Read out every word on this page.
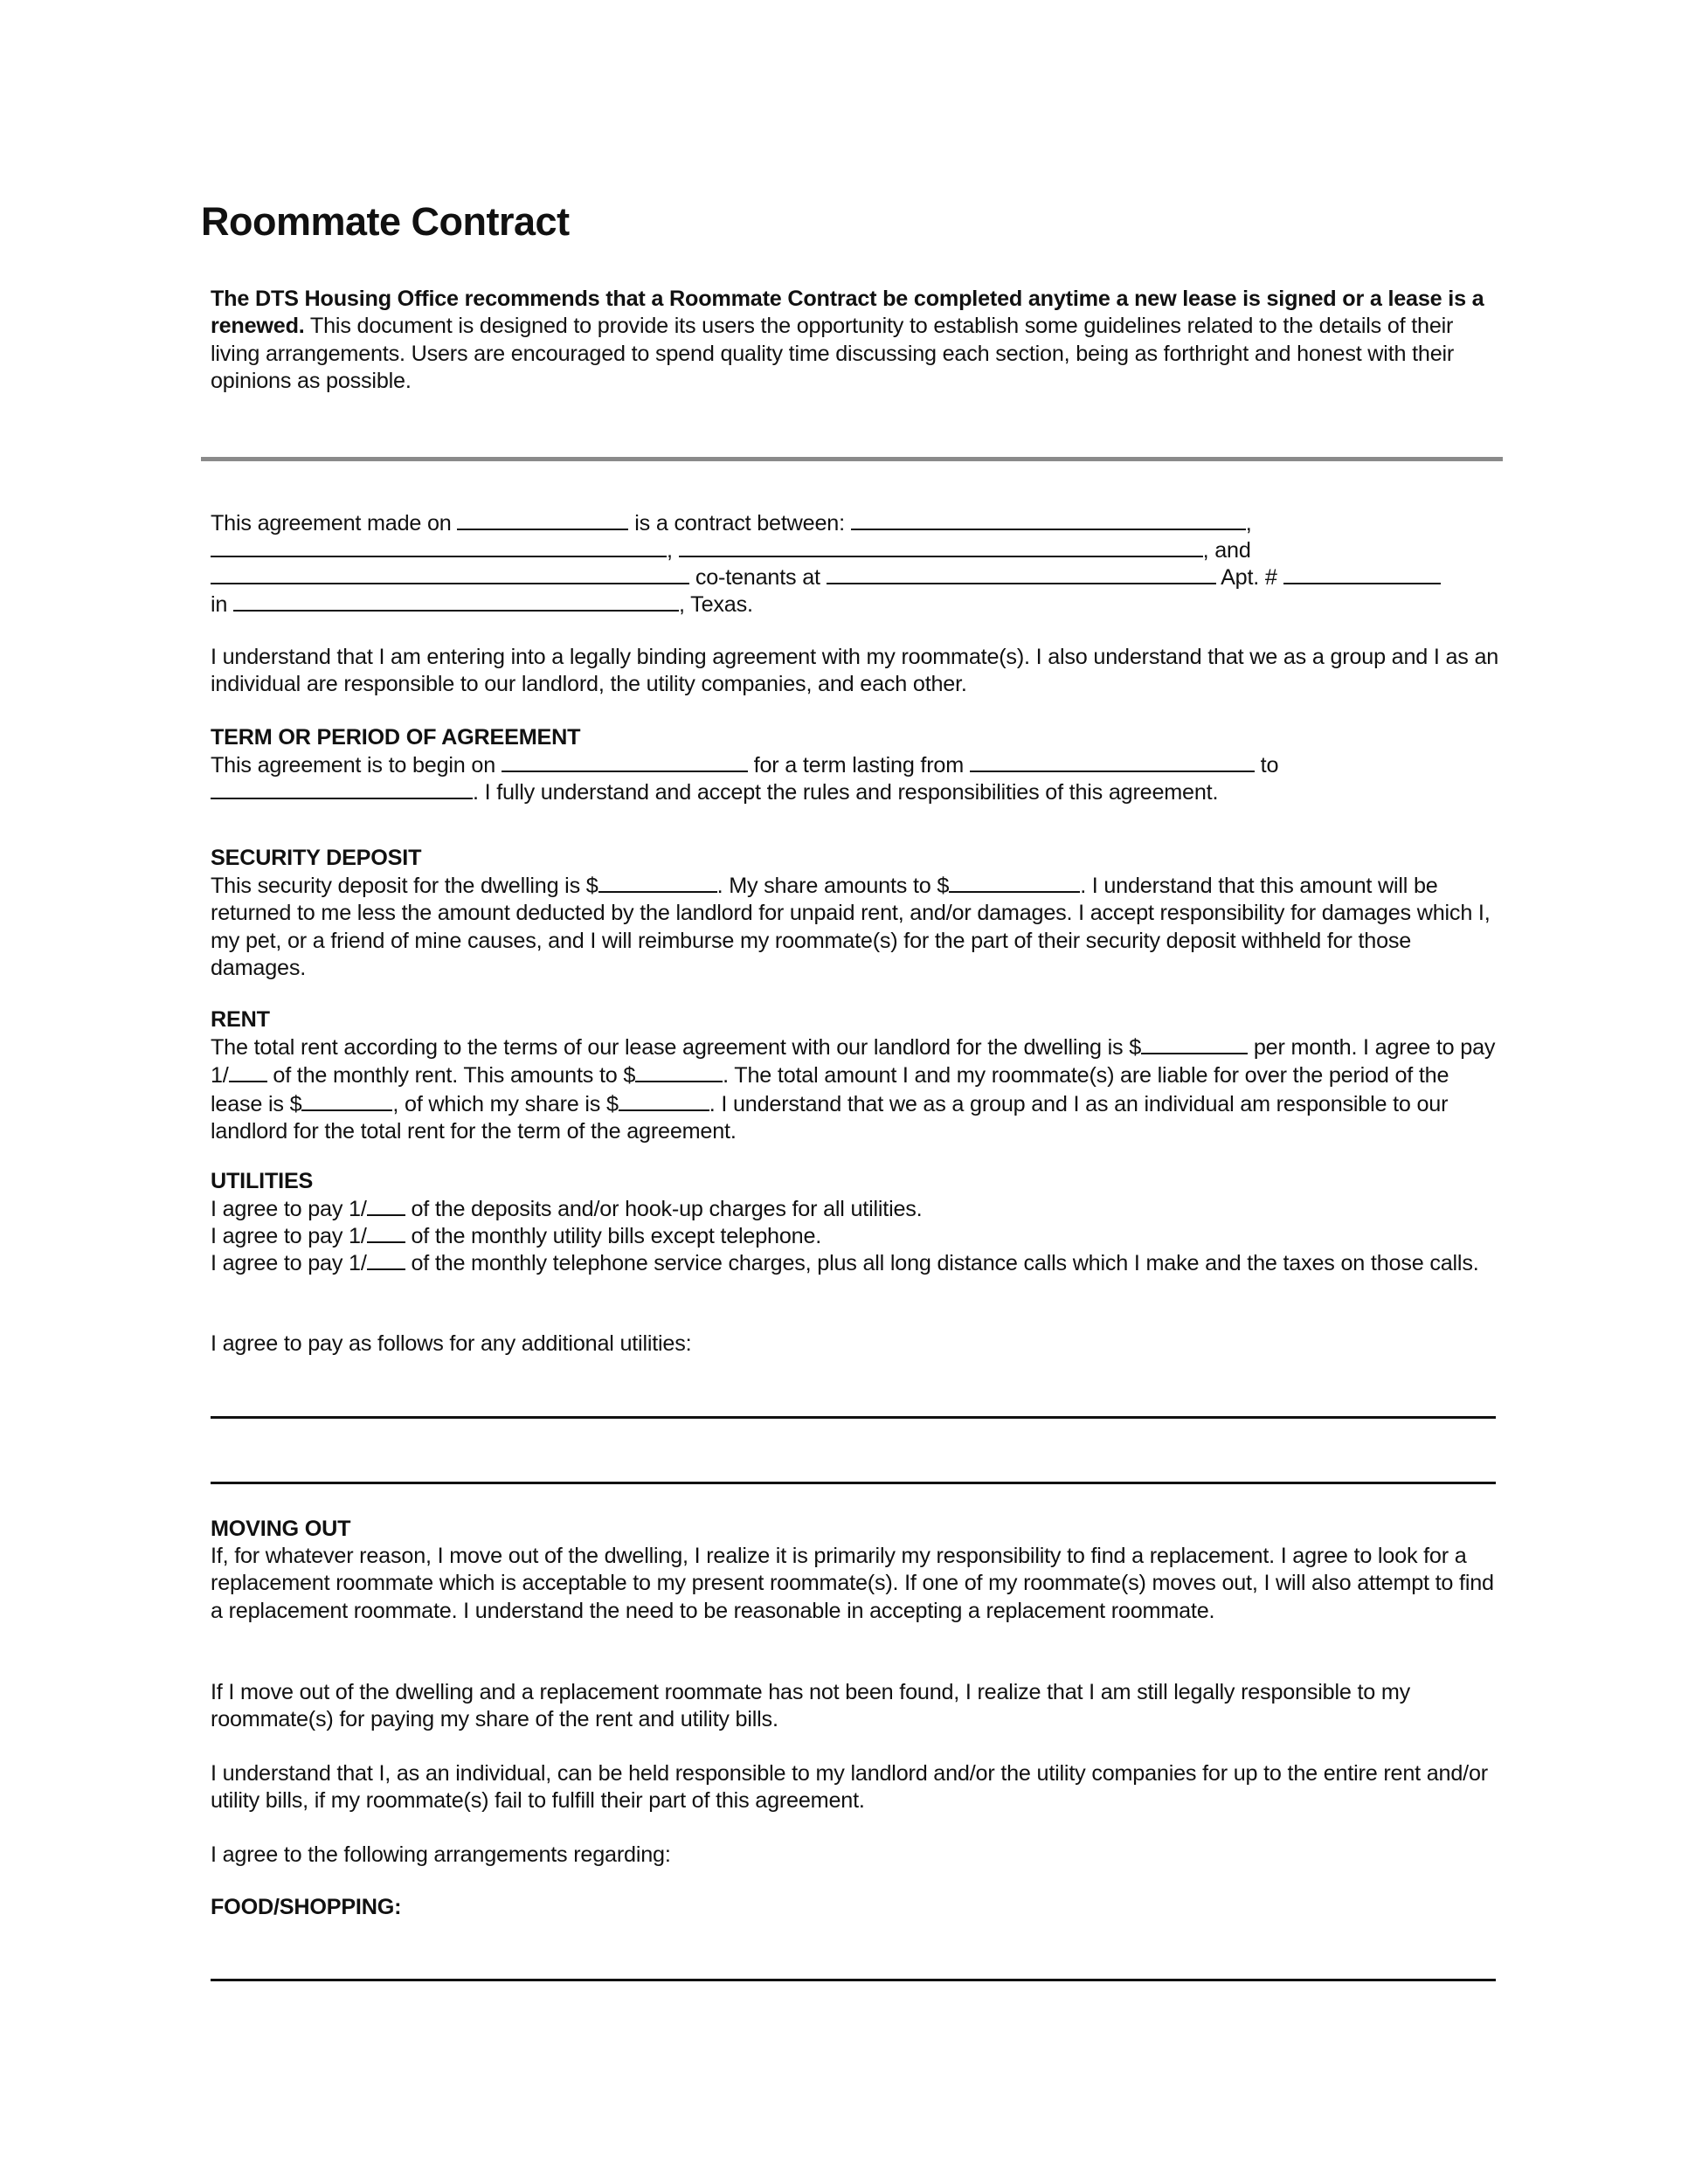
Roommate Contract

The DTS Housing Office recommends that a Roommate Contract be completed anytime a new lease is signed or a lease is a renewed. This document is designed to provide its users the opportunity to establish some guidelines related to the details of their living arrangements. Users are encouraged to spend quality time discussing each section, being as forthright and honest with their opinions as possible.

This agreement made on	is a contract between:	,
,	, and
co-tenants at	Apt. #
in	, Texas.

I understand that I am entering into a legally binding agreement with my roommate(s). I also understand that we as a group and I as an individual are responsible to our landlord, the utility companies, and each other.

TERM OR PERIOD OF AGREEMENT
This agreement is to begin on	for a term lasting from	to
. I fully understand and accept the rules and responsibilities of this agreement.
SECURITY DEPOSIT

This security deposit for the dwelling is $	. My share amounts to $	. I understand that this amount will be returned to me less the amount deducted by the landlord for unpaid rent, and/or damages. I accept responsibility for damages which I, my pet, or a friend of mine causes, and I will reimburse my roommate(s) for the part of their security deposit withheld for those damages.

RENT

The total rent according to the terms of our lease agreement with our landlord for the dwelling is $	per month. I agree to pay 1/ of the monthly rent. This amounts to $	. The total amount I and my roommate(s) are liable for over the period of the lease is $	, of which my share is $	. I understand that we as a group and I as an individual am responsible to our landlord for the total rent for the term of the agreement.

UTILITIES
I agree to pay 1/ of the deposits and/or hook-up charges for all utilities.
I agree to pay 1/ of the monthly utility bills except telephone.

I agree to pay 1/ of the monthly telephone service charges, plus all long distance calls which I make and the taxes on those calls.

I agree to pay as follows for any additional utilities:
MOVING OUT

If, for whatever reason, I move out of the dwelling, I realize it is primarily my responsibility to find a replacement. I agree to look for a replacement roommate which is acceptable to my present roommate(s). If one of my roommate(s) moves out, I will also attempt to find a replacement roommate. I understand the need to be reasonable in accepting a replacement roommate.

If I move out of the dwelling and a replacement roommate has not been found, I realize that I am still legally responsible to my roommate(s) for paying my share of the rent and utility bills.

I understand that I, as an individual, can be held responsible to my landlord and/or the utility companies for up to the entire rent and/or utility bills, if my roommate(s) fail to fulfill their part of this agreement.

I agree to the following arrangements regarding:

FOOD/SHOPPING:
